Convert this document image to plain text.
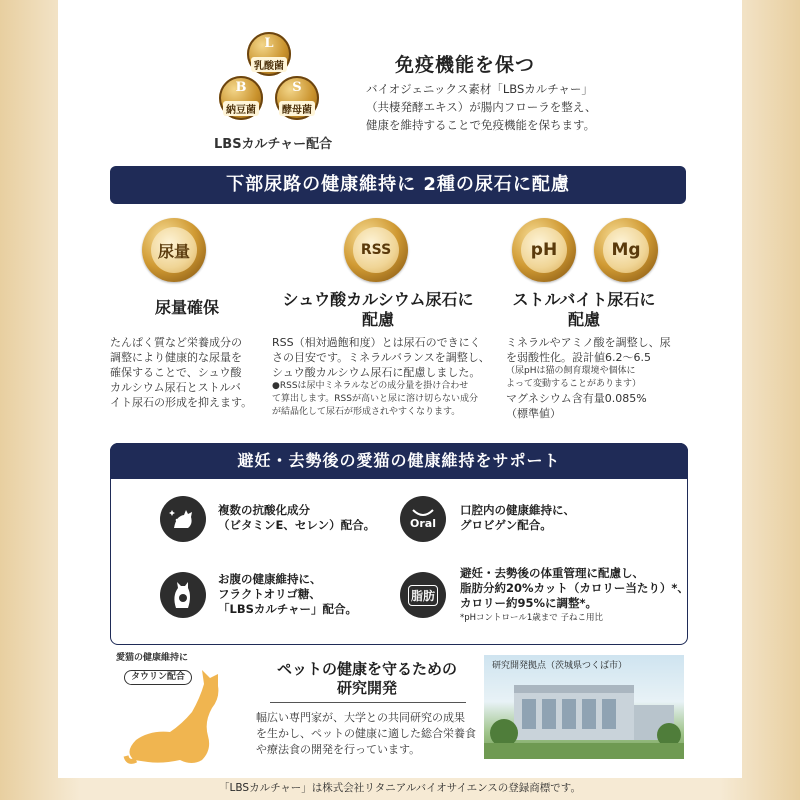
L
乳酸菌
B
納豆菌
S
酵母菌
LBSカルチャー配合
免疫機能を保つ
バイオジェニックス素材「LBSカルチャー」
（共棲発酵エキス）が腸内フローラを整え、
健康を維持することで免疫機能を保ちます。
下部尿路の健康維持に 2種の尿石に配慮
尿量	RSS	pH	Mg
尿量確保	シュウ酸カルシウム尿石に
配慮
ストルバイト尿石に
配慮
たんぱく質など栄養成分の
調整により健康的な尿量を
確保することで、シュウ酸
カルシウム尿石とストルバ
イト尿石の形成を抑えます。
RSS（相対過飽和度）とは尿石のできにく
さの目安です。ミネラルバランスを調整し、
シュウ酸カルシウム尿石に配慮しました。
●RSSは尿中ミネラルなどの成分量を掛け合わせ
て算出します。RSSが高いと尿に溶け切らない成分
が結晶化して尿石が形成されやすくなります。
ミネラルやアミノ酸を調整し、尿
を弱酸性化。設計値6.2〜6.5
（尿pHは猫の飼育環境や個体に
よって変動することがあります）
マグネシウム含有量0.085%
（標準値）
避妊・去勢後の愛猫の健康維持をサポート
複数の抗酸化成分
（ビタミンE、セレン）配合。	Oral
口腔内の健康維持に、
グロビゲン配合。
お腹の健康維持に、
フラクトオリゴ糖、
「LBSカルチャー」配合。
脂肪
避妊・去勢後の体重管理に配慮し、
脂肪分約20%カット（カロリー当たり）*、
カロリー約95%に調整*。
*pHコントロール1歳まで 子ねこ用比
愛猫の健康維持に
タウリン配合	ペットの健康を守るための
研究開発
幅広い専門家が、大学との共同研究の成果
を生かし、ペットの健康に適した総合栄養食
や療法食の開発を行っています。
研究開発拠点（茨城県つくば市）
「LBSカルチャー」は株式会社リタニアルバイオサイエンスの登録商標です。
